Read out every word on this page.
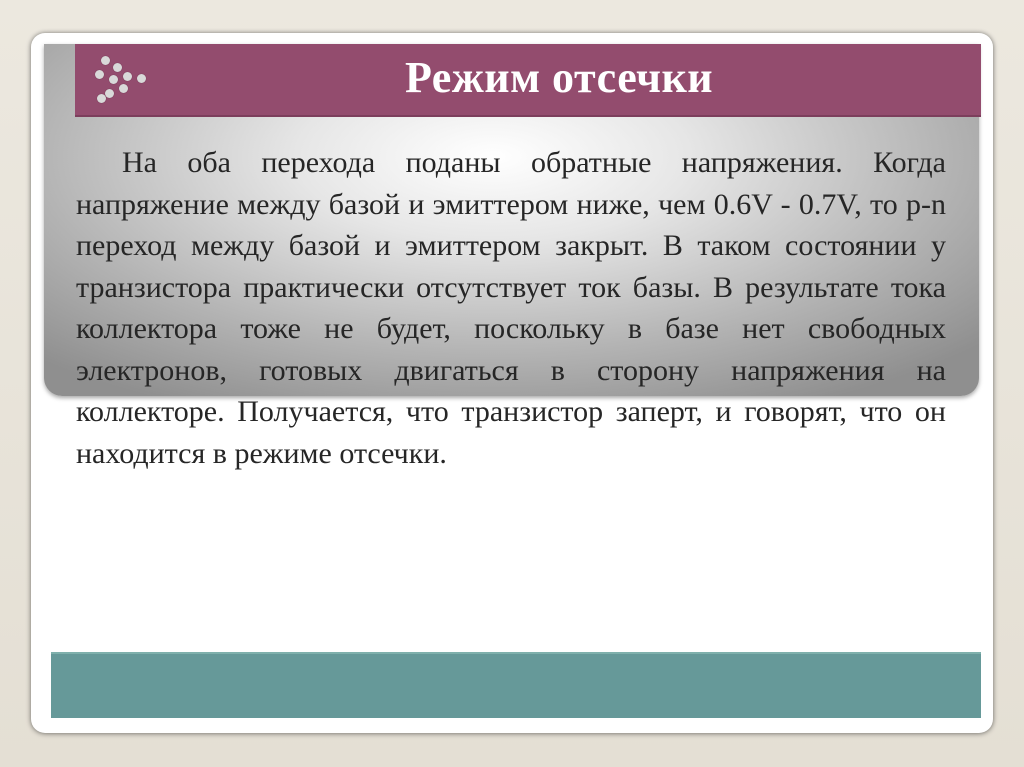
Режим отсечки

На оба перехода поданы обратные напряжения. Когда напряжение между базой и эмиттером ниже, чем 0.6V - 0.7V, то p-n переход между базой и эмиттером закрыт. В таком состоянии у транзистора практически отсутствует ток базы. В результате тока коллектора тоже не будет, поскольку в базе нет свободных электронов, готовых двигаться в сторону напряжения на коллекторе. Получается, что транзистор заперт, и говорят, что он находится в режиме отсечки.
